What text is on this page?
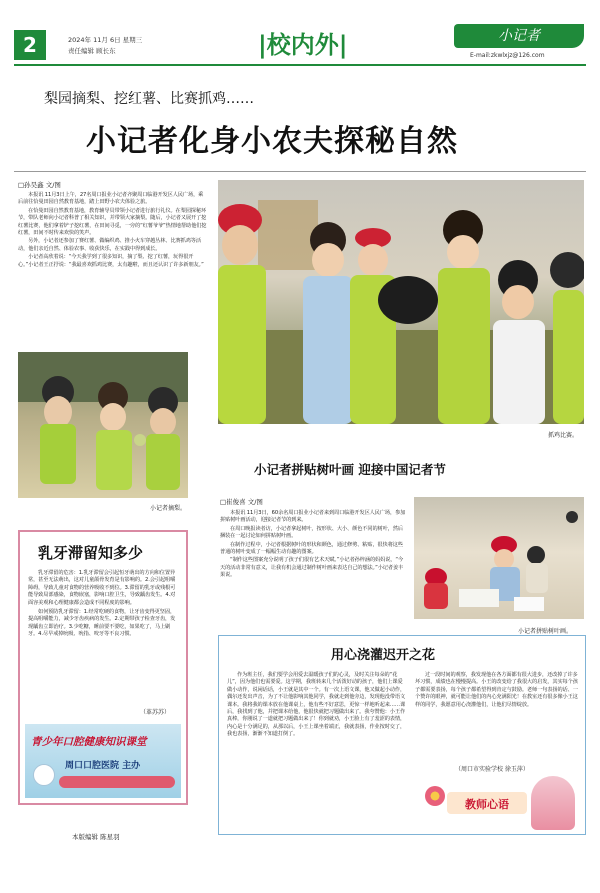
2	2024年 11月 6日 星期三
责任编辑 顾长东	|校内外|	小记者
E-mail:zkwlxjz@126.com
梨园摘梨、挖红薯、比赛抓鸡……
小记者化身小农夫探秘自然
□孙昊鑫 文/图

本报讯 11月3日上午，27名周口报业小记者齐聚周口临港开发区人民广场，乘后前往恰曼田园自然教育基地，踏上田野小农夫体验之旅。

在恰曼田园自然教育基地，教育辅导员带领小记者进行旅行礼仪。在梨园探秘环节，带队老师向小记者科普了相关知识，并带领大家摘梨。随后，小记者又展开了挖红薯比赛，他们拿着铲子挖红薯，在田间寻觅，一旁的“红薯爷爷”热情地帮助他们挖红薯，田间不时传来欢快的笑声。

另外，小记者还参加了赛红薯、做编织鸡、推小火车穿越丛林、比赛抓鸡等活动，他们亲近自然、体验农事、收获快乐，在实践中得到成长。

小记者高欣着说：“今天我学到了很多知识，摘了梨、挖了红薯，玩得很开心。”小记者王正抒说：“我最喜欢抓鸡比赛，太有趣啦，而且还认识了许多新朋友。”

小记者摘梨。
抓鸡比赛。
乳牙滞留知多少

乳牙滞留的危害：1.乳牙滞留会引起恒牙萌出的方向和位置异常，甚至无法萌出，这对儿童颌骨发育是有影响的。2.会引起咀嚼障碍，导致儿童对食物的营养吸收不到位。3.滞留的乳牙或残根可能导致局部感染，食物嵌塞，影响口腔卫生，导致龋齿发生。4.对面容美观和心理健康都会造成不同程度的影响。

如何预防乳牙滞留：1.经常吃硬的食物，让牙齿变得更坚固，提高咀嚼能力，减少牙齿疾病的发生。2.定期带孩子检查牙齿，发现龋齿立即治疗。3.少吃糖，睡前要不要吃，如果吃了，马上刷牙。4.尽早戒掉吮吸、吮指、咬牙等不良习惯。

（革苏苏）
青少年口腔健康知识课堂
周口口腔医院 主办
本版编辑 陈星羽
小记者拼贴树叶画 迎接中国记者节
□崔俊喜 文/图

本报讯 11月3日，60余名周口报业小记者来到周口临港开发区人民广场，参加拼贴树叶画活动，迎接记者节的到来。

在周口晚报读者访，小记者拿起树叶，按形状、大小、颜色不同的树叶，然后捆装在一起讨论如何拼贴树叶画。

在制作过程中，小记者根据树叶的形状和颜色，通过修剪、粘贴，很快将这些普通的树叶变成了一幅幅生动有趣的图案。

“制作这些图案充分说明了孩子们很有艺术天赋。”小记者孙梓涵的妈妈说，“今天的活动非常有意义，让我有机会通过制作树叶画来表达自己的想法。”小记者姜丰果说。

小记者拼贴树叶画。
用心浇灌迟开之花

作为班主任，我们要学会用爱去温暖孩子们的心灵，及时关注每朵的“花儿”，因为他们也需要爱。这学期，我班转来几个活泼好动的孩子，他们上课爱做小动作，说闲话话，小王就是其中一个。有一次上语文课，他又做起小动作，偶尔还发出声音，为了不让他影响其他同学，我就走到他旁边，发现他没带语文课本。我将我的课本放在他课桌上，他有些不好意思，更惊一样地听起来……课后，我找到了他，并把课本给他，他很快就把习题做出来了。我夸赞他：小王作真棒，你刚说了一道就把习题做出来了！你到就劝，小王脸上有了羞涩的表情，内心是十分满足的，从那以后，小王上课坐着端正，我就表扬，作业按时交了，我也表扬，渐渐不知道打倒了。

过一段时间的观察，我发现他在各方面都有很大进步，还改掉了许多坏习惯，成绩也在慢慢提高。小王的改变给了我很大的启发，其实每个孩子都需要表扬，每个孩子都希望得到肯定与鼓励。老师一句表扬的话、一个赞许的眼神，就可能让他们的内心充满阳光！在教室还有很多像小王这样的同学，我愿意用心浇灌他们，让他们尽情绽放。

（周口市实验学校 徐玉萍）
教师心语
